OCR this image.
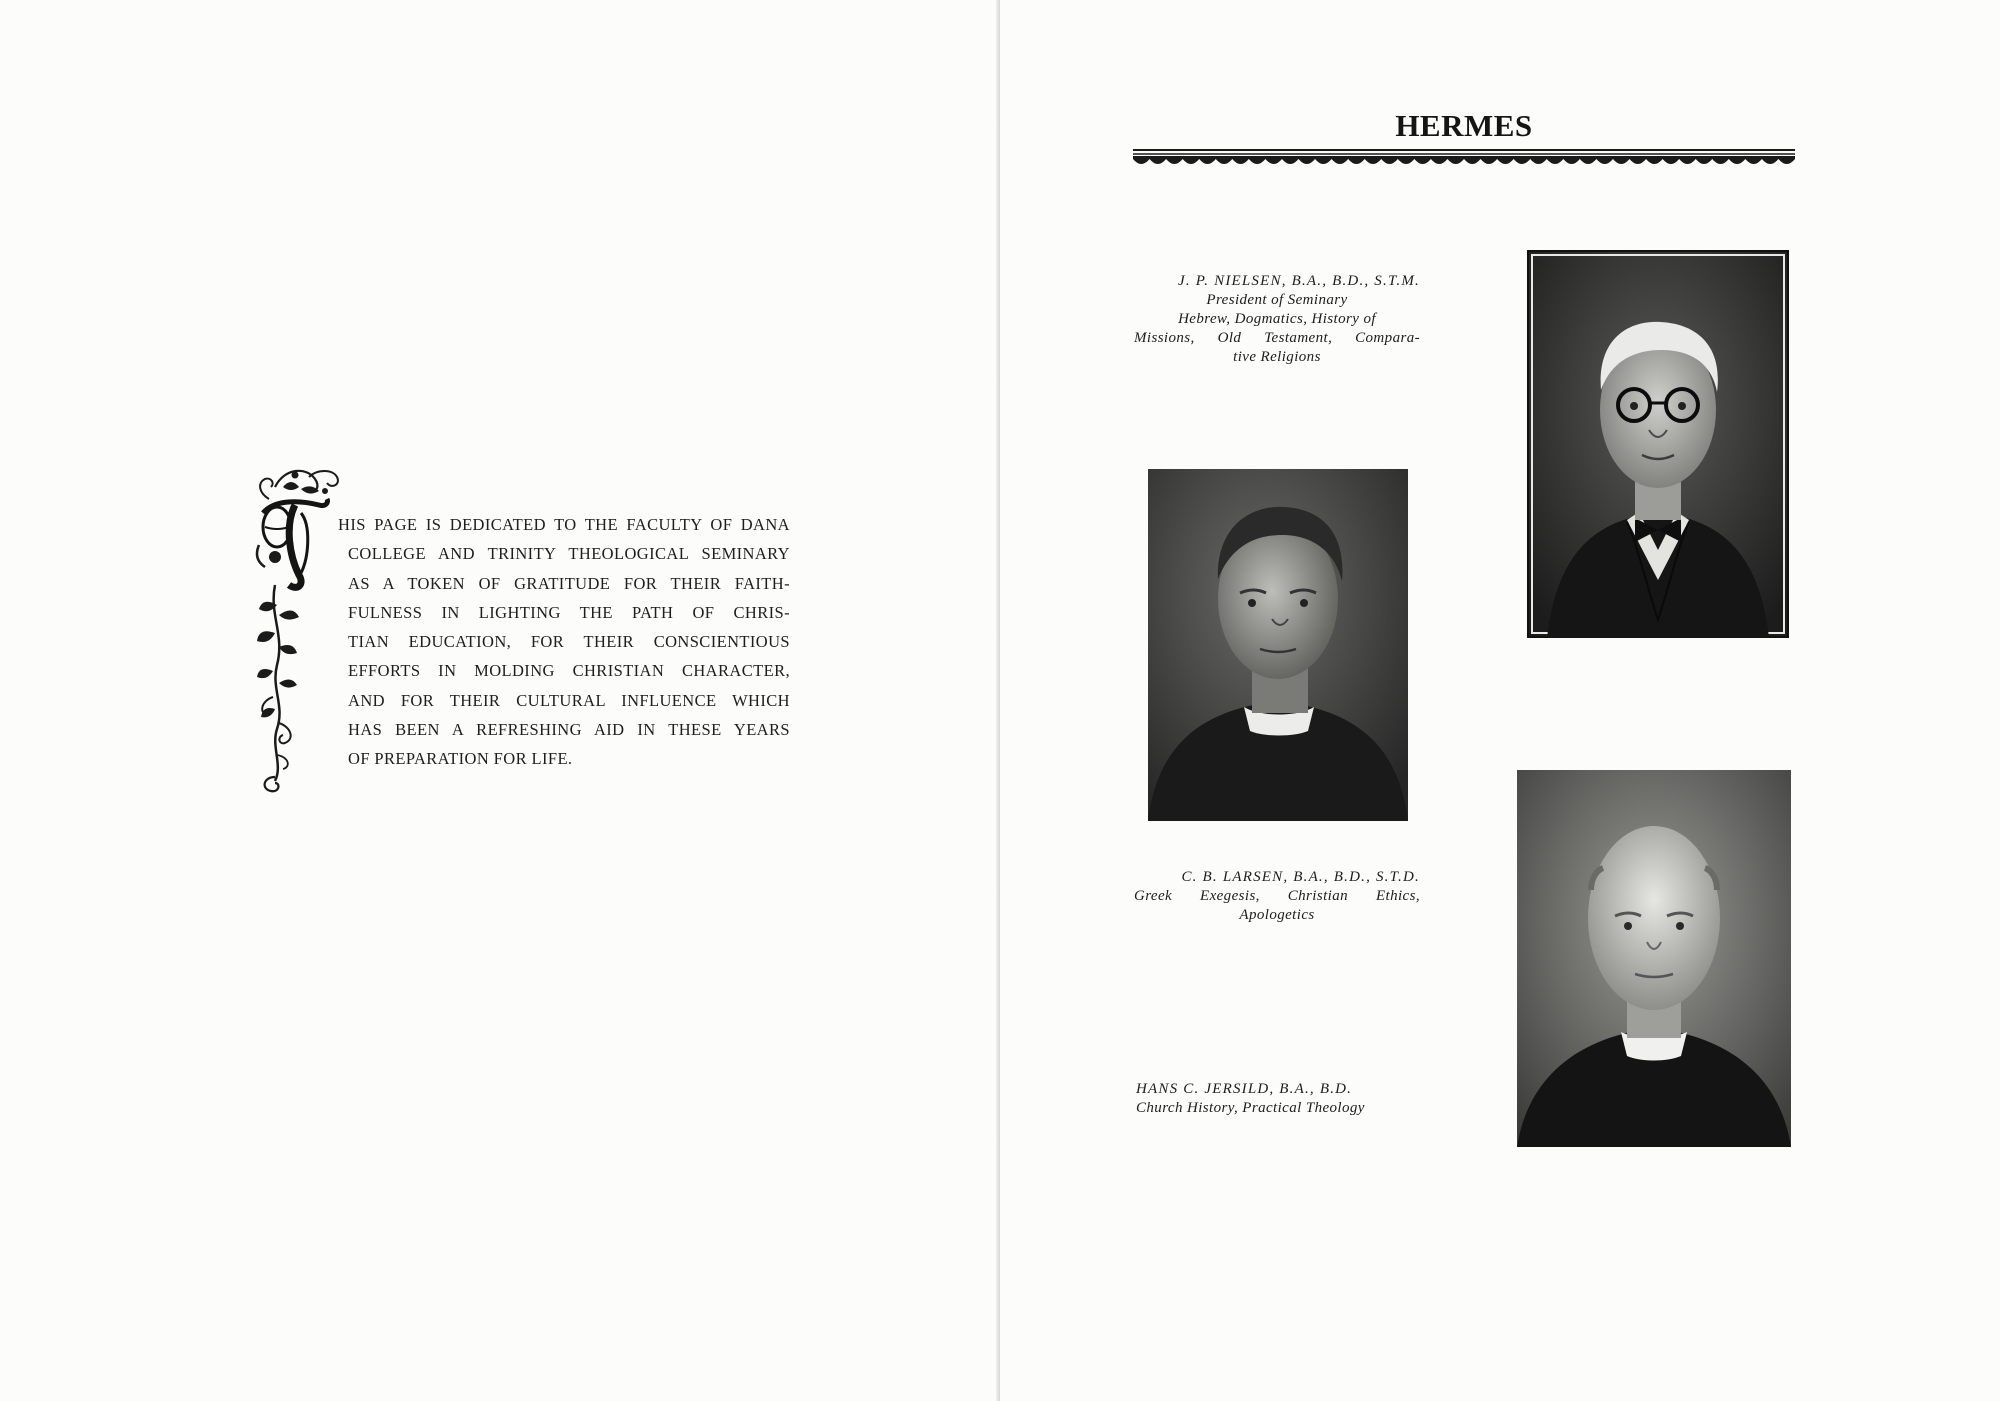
HIS PAGE IS DEDICATED TO THE FACULTY OF DANA
COLLEGE AND TRINITY THEOLOGICAL SEMINARY
AS A TOKEN OF GRATITUDE FOR THEIR FAITH-
FULNESS IN LIGHTING THE PATH OF CHRIS-
TIAN EDUCATION, FOR THEIR CONSCIENTIOUS
EFFORTS IN MOLDING CHRISTIAN CHARACTER,
AND FOR THEIR CULTURAL INFLUENCE WHICH
HAS BEEN A REFRESHING AID IN THESE YEARS
OF PREPARATION FOR LIFE.
HERMES
J. P. NIELSEN, B.A., B.D., S.T.M.
President of Seminary
Hebrew, Dogmatics, History of
Missions, Old Testament, Compara-
tive Religions
C. B. LARSEN, B.A., B.D., S.T.D.
Greek Exegesis, Christian Ethics,
Apologetics
HANS C. JERSILD, B.A., B.D.
Church History, Practical Theology
